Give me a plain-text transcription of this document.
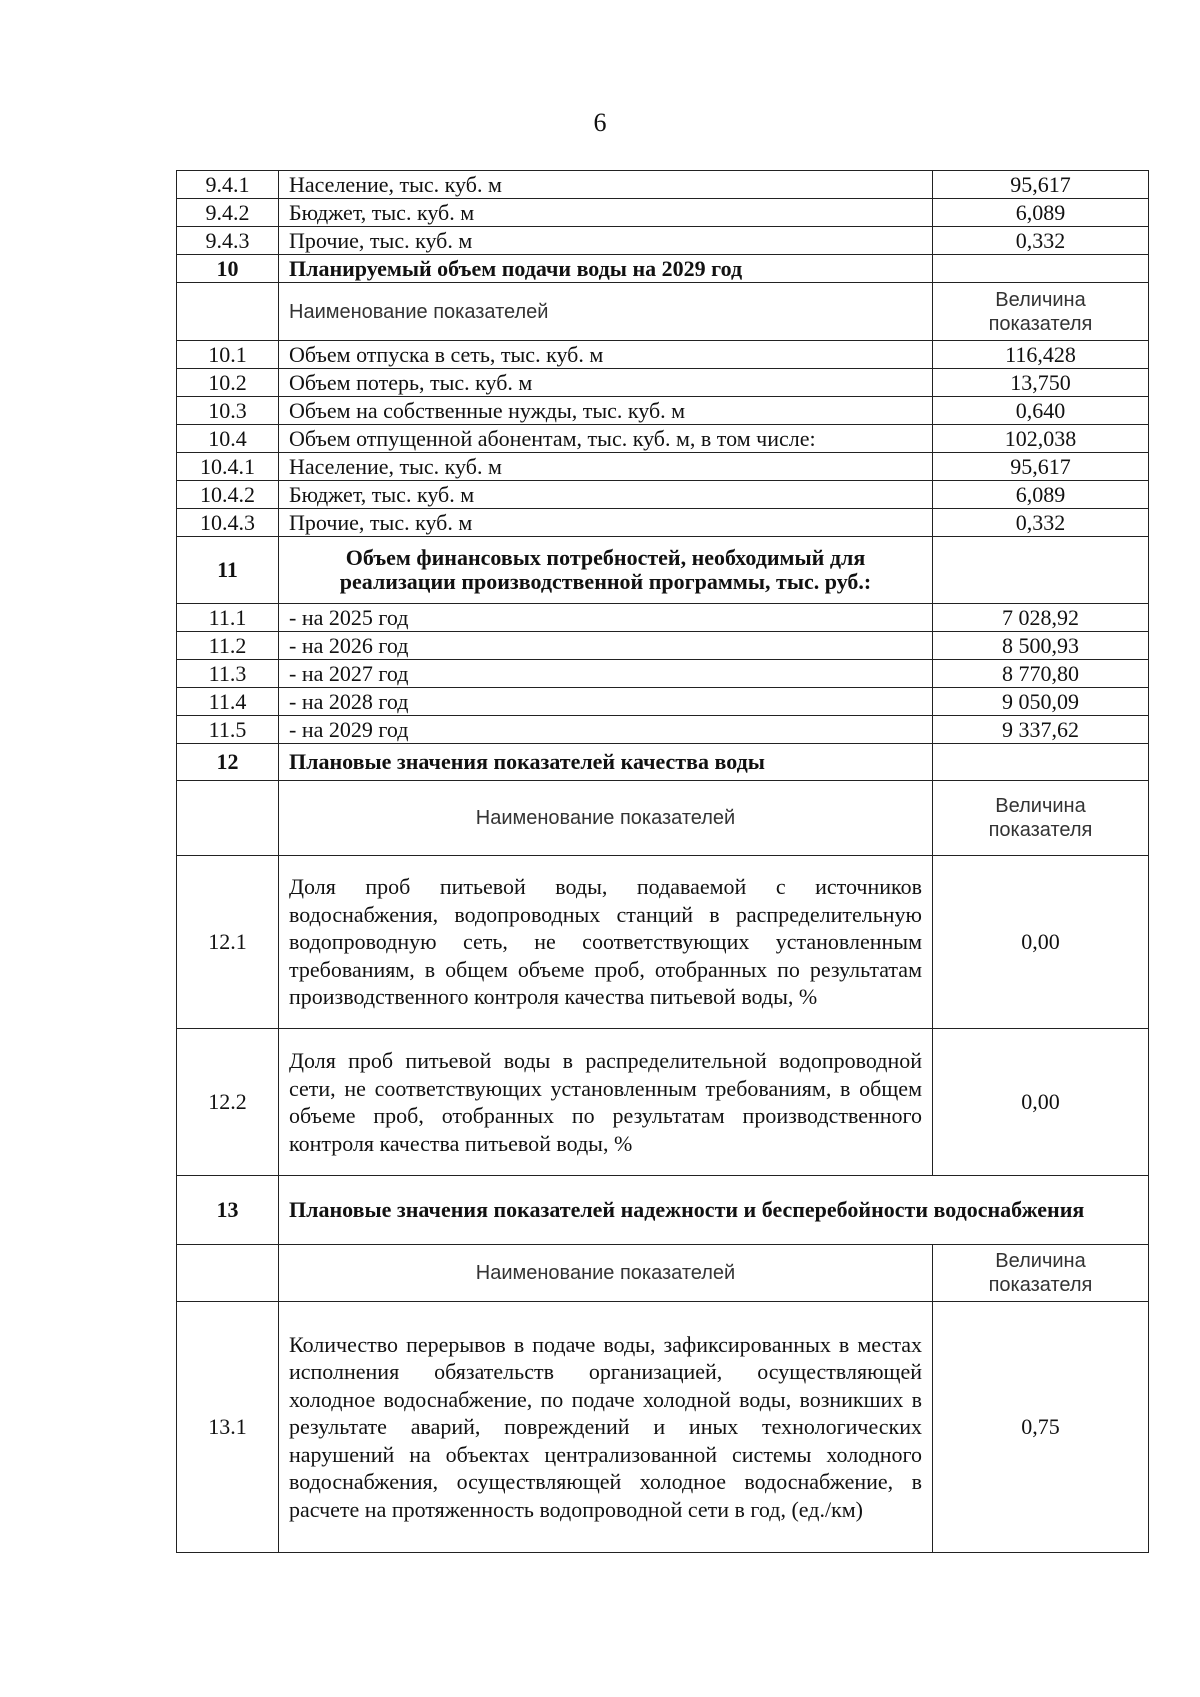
6
9.4.1	Население, тыс. куб. м	95,617
9.4.2	Бюджет, тыс. куб. м	6,089
9.4.3	Прочие, тыс. куб. м	0,332
10	Планируемый объем подачи воды на 2029 год	
	Наименование показателей	Величина показателя
10.1	Объем отпуска в сеть, тыс. куб. м	116,428
10.2	Объем потерь, тыс. куб. м	13,750
10.3	Объем на собственные нужды, тыс. куб. м	0,640
10.4	Объем отпущенной абонентам, тыс. куб. м, в том числе:	102,038
10.4.1	Население, тыс. куб. м	95,617
10.4.2	Бюджет, тыс. куб. м	6,089
10.4.3	Прочие, тыс. куб. м	0,332
11	Объем финансовых потребностей, необходимый для реализации производственной программы, тыс. руб.:	
11.1	- на 2025 год	7 028,92
11.2	- на 2026 год	8 500,93
11.3	- на 2027 год	8 770,80
11.4	- на 2028 год	9 050,09
11.5	- на 2029 год	9 337,62
12	Плановые значения показателей качества воды	
	Наименование показателей	Величина показателя
12.1	Доля проб питьевой воды, подаваемой с источников водоснабжения, водопроводных станций в распределительную водопроводную сеть, не соответствующих установленным требованиям, в общем объеме проб, отобранных по результатам производственного контроля качества питьевой воды, %	0,00
12.2	Доля проб питьевой воды в распределительной водопроводной сети, не соответствующих установленным требованиям, в общем объеме проб, отобранных по результатам производственного контроля качества питьевой воды, %	0,00
13	Плановые значения показателей надежности и бесперебойности водоснабжения	
	Наименование показателей	Величина показателя
13.1	Количество перерывов в подаче воды, зафиксированных в местах исполнения обязательств организацией, осуществляющей холодное водоснабжение, по подаче холодной воды, возникших в результате аварий, повреждений и иных технологических нарушений на объектах централизованной системы холодного водоснабжения, осуществляющей холодное водоснабжение, в расчете на протяженность водопроводной сети в год, (ед./км)	0,75
